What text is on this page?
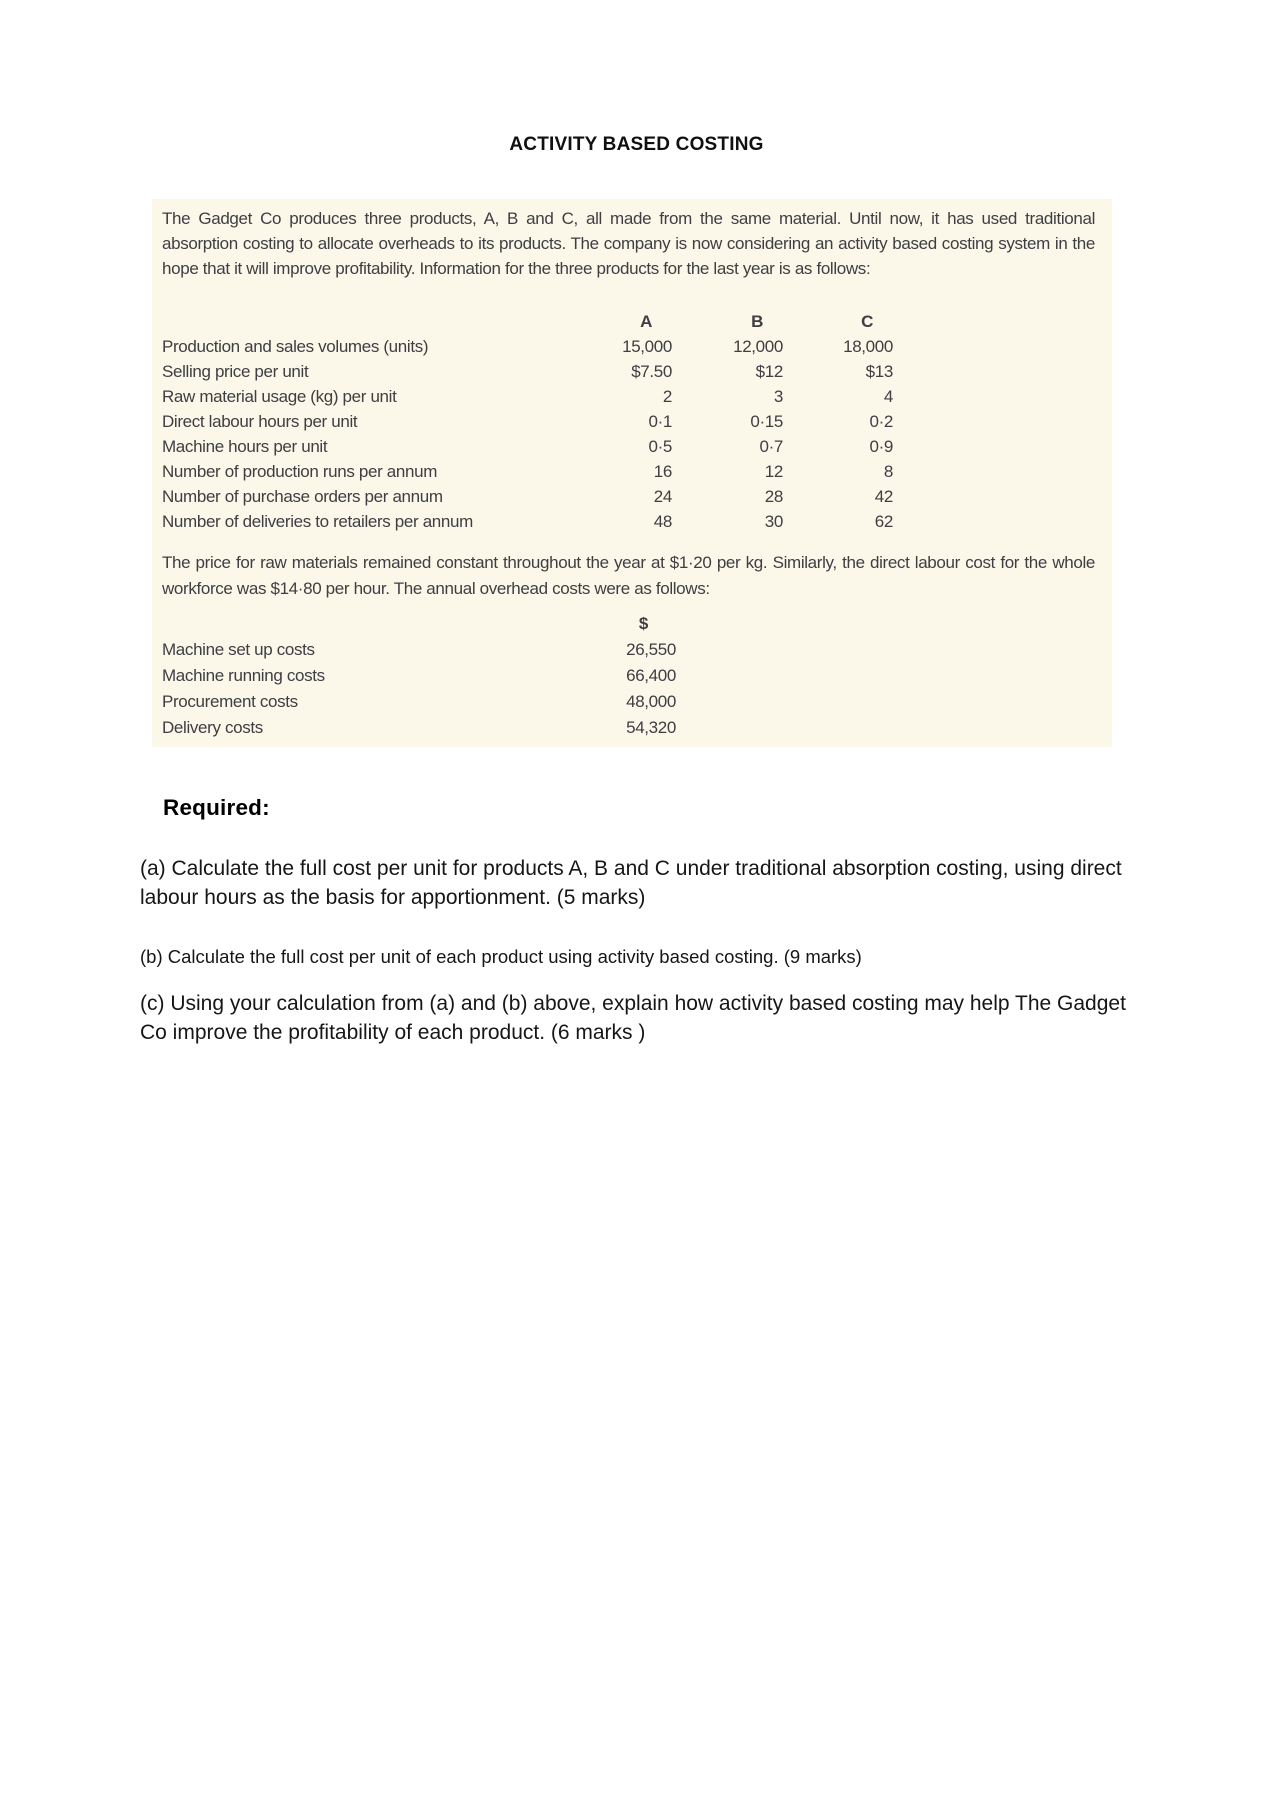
ACTIVITY BASED COSTING

The Gadget Co produces three products, A, B and C, all made from the same material. Until now, it has used traditional absorption costing to allocate overheads to its products. The company is now considering an activity based costing system in the hope that it will improve profitability. Information for the three products for the last year is as follows:

	A	B	C
Production and sales volumes (units)	15,000	12,000	18,000
Selling price per unit	$7.50	$12	$13
Raw material usage (kg) per unit	2	3	4
Direct labour hours per unit	0·1	0·15	0·2
Machine hours per unit	0·5	0·7	0·9
Number of production runs per annum	16	12	8
Number of purchase orders per annum	24	28	42
Number of deliveries to retailers per annum	48	30	62

The price for raw materials remained constant throughout the year at $1·20 per kg. Similarly, the direct labour cost for the whole workforce was $14·80 per hour. The annual overhead costs were as follows:

	$
Machine set up costs	26,550
Machine running costs	66,400
Procurement costs	48,000
Delivery costs	54,320
Required:

(a) Calculate the full cost per unit for products A, B and C under traditional absorption costing, using direct labour hours as the basis for apportionment. (5 marks)

(b) Calculate the full cost per unit of each product using activity based costing. (9 marks)

(c) Using your calculation from (a) and (b) above, explain how activity based costing may help The Gadget Co improve the profitability of each product. (6 marks )
